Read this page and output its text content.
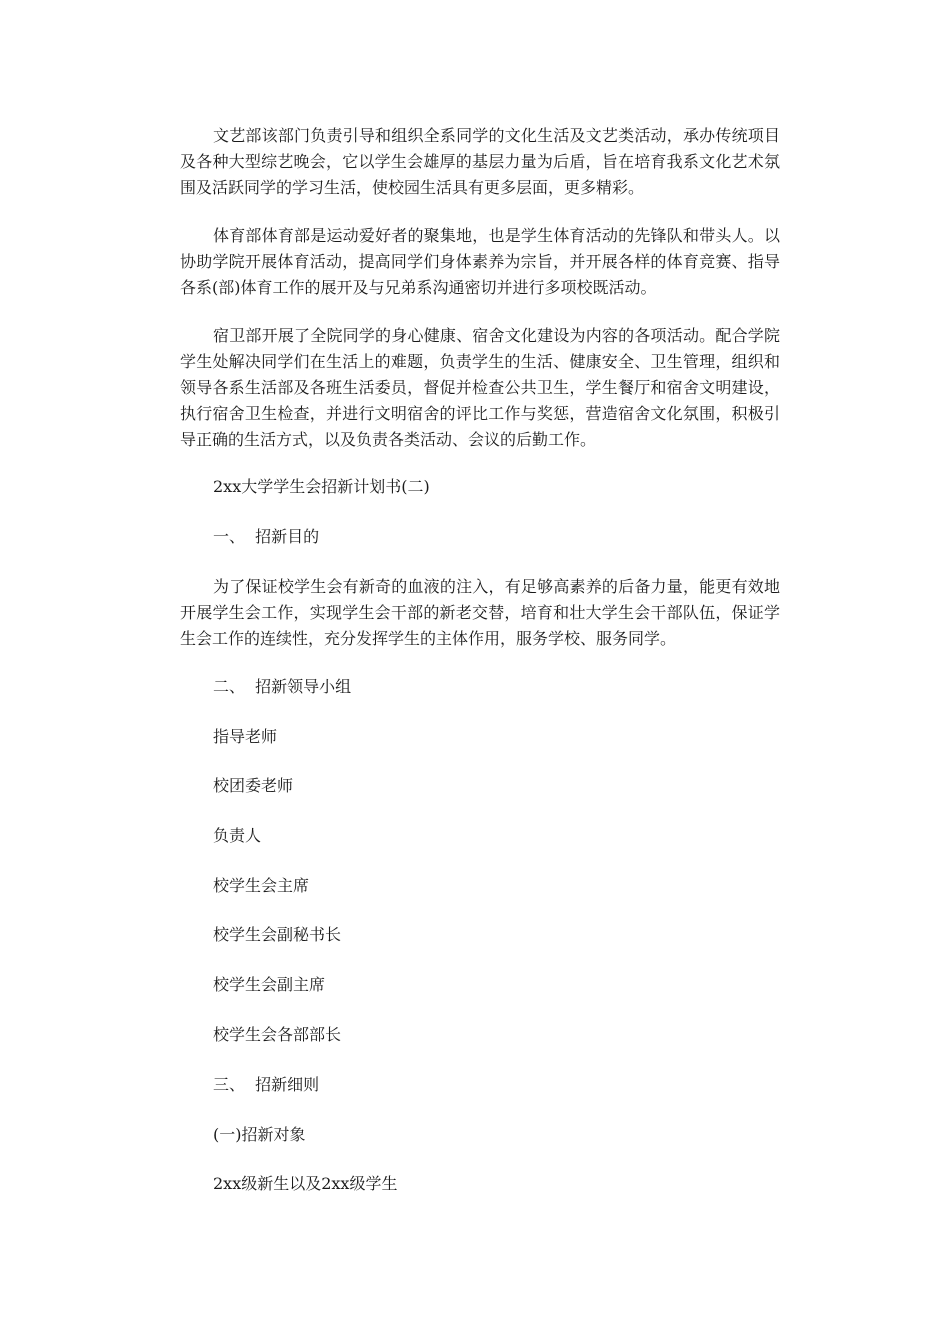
文艺部该部门负责引导和组织全系同学的文化生活及文艺类活动，承办传统项目及各种大型综艺晚会，它以学生会雄厚的基层力量为后盾，旨在培育我系文化艺术氛围及活跃同学的学习生活，使校园生活具有更多层面，更多精彩。

体育部体育部是运动爱好者的聚集地，也是学生体育活动的先锋队和带头人。以协助学院开展体育活动，提高同学们身体素养为宗旨，并开展各样的体育竞赛、指导各系(部)体育工作的展开及与兄弟系沟通密切并进行多项校既活动。

宿卫部开展了全院同学的身心健康、宿舍文化建设为内容的各项活动。配合学院学生处解决同学们在生活上的难题，负责学生的生活、健康安全、卫生管理，组织和领导各系生活部及各班生活委员，督促并检查公共卫生，学生餐厅和宿舍文明建设，执行宿舍卫生检查，并进行文明宿舍的评比工作与奖惩，营造宿舍文化氛围，积极引导正确的生活方式，以及负责各类活动、会议的后勤工作。

2xx大学学生会招新计划书(二)

一、  招新目的

为了保证校学生会有新奇的血液的注入，有足够高素养的后备力量，能更有效地开展学生会工作，实现学生会干部的新老交替，培育和壮大学生会干部队伍，保证学生会工作的连续性，充分发挥学生的主体作用，服务学校、服务同学。

二、  招新领导小组

指导老师

校团委老师

负责人

校学生会主席

校学生会副秘书长

校学生会副主席

校学生会各部部长

三、  招新细则

(一)招新对象

2xx级新生以及2xx级学生
